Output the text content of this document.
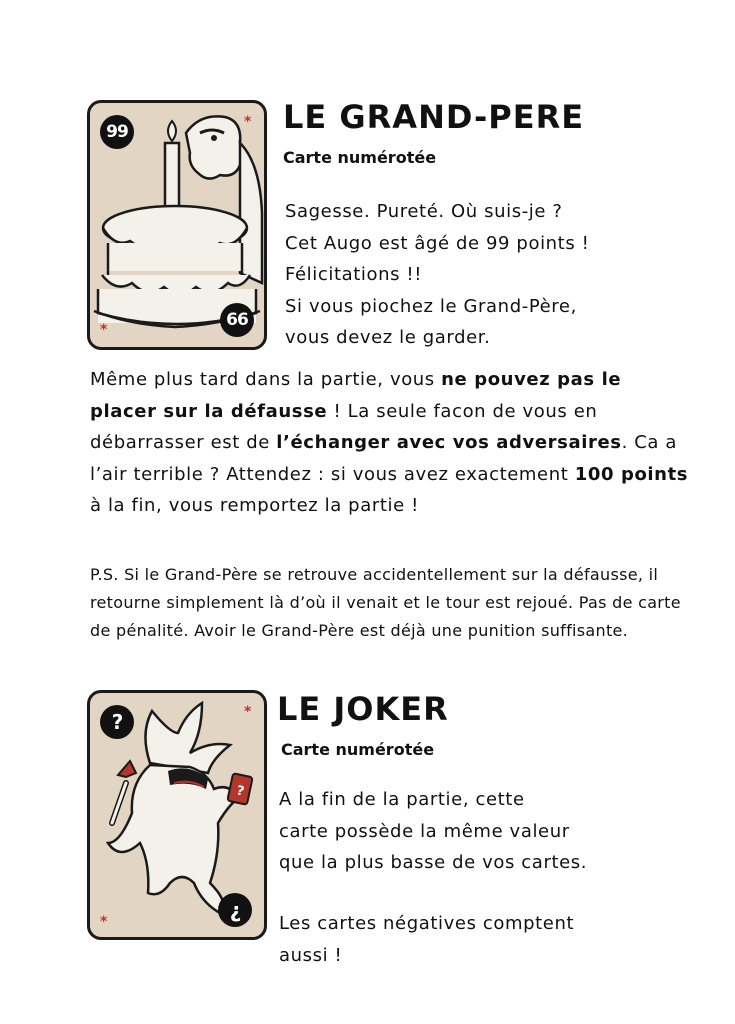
99
66
*
*
LE GRAND-PERE
Carte numérotée
Sagesse. Pureté. Où suis-je ?
Cet Augo est âgé de 99 points !
Félicitations !!
Si vous piochez le Grand-Père,
vous devez le garder.

Même plus tard dans la partie, vous ne pouvez pas le placer sur la défausse ! La seule facon de vous en débarrasser est de l’échanger avec vos adversaires. Ca a l’air terrible ? Attendez : si vous avez exactement 100 points à la fin, vous remportez la partie !

P.S. Si le Grand-Père se retrouve accidentellement sur la défausse, il retourne simplement là d’où il venait et le tour est rejoué. Pas de carte de pénalité. Avoir le Grand-Père est déjà une punition suffisante.

?
?
¿
*
*
LE JOKER
Carte numérotée
A la fin de la partie, cette
carte possède la même valeur
que la plus basse de vos cartes.
Les cartes négatives comptent
aussi !
